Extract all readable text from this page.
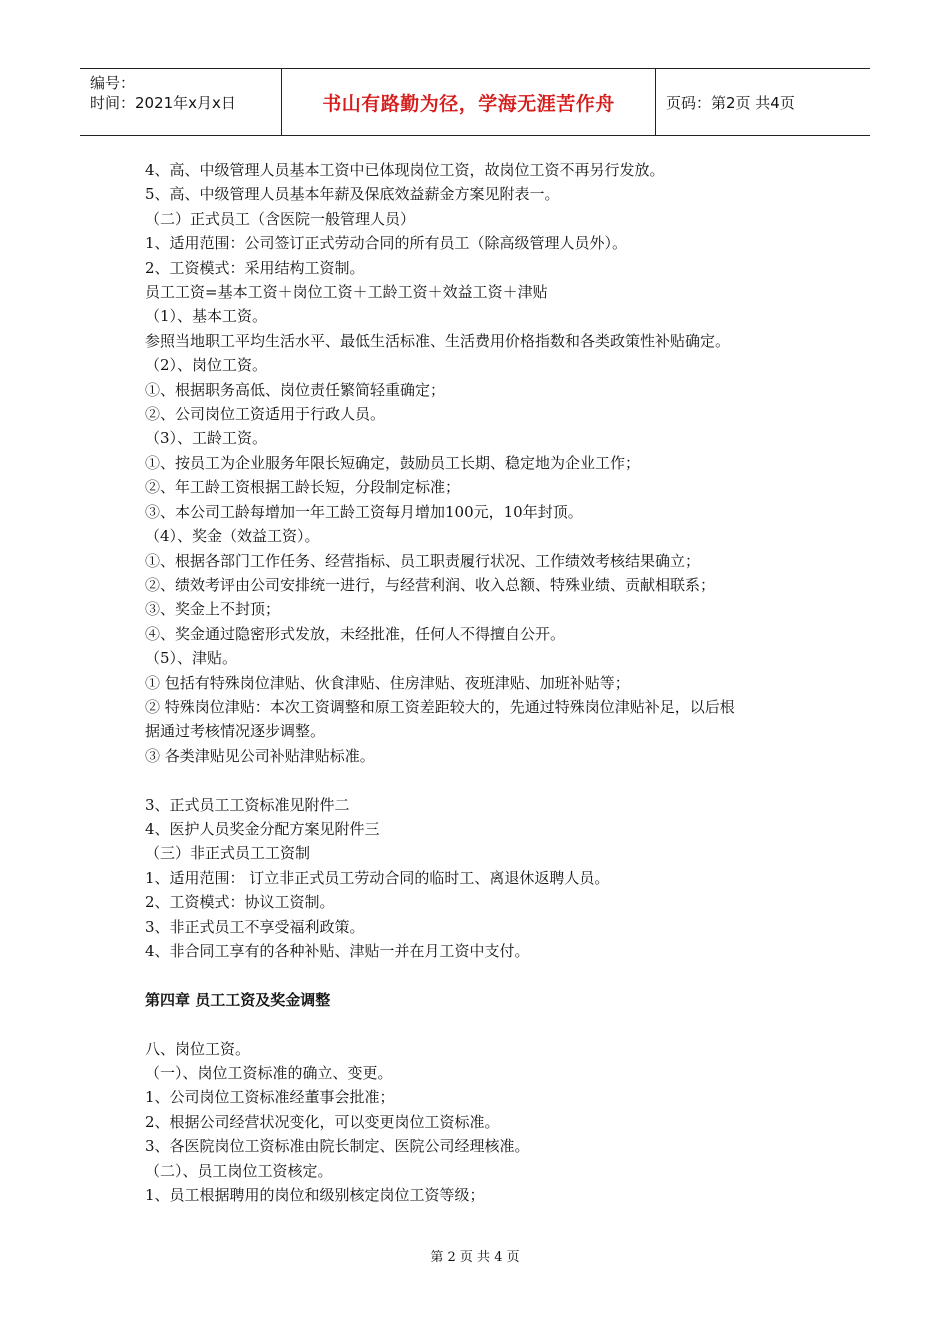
编号：
时间：2021年x月x日	书山有路勤为径，学海无涯苦作舟	页码：第2页 共4页
4、高、中级管理人员基本工资中已体现岗位工资，故岗位工资不再另行发放。
5、高、中级管理人员基本年薪及保底效益薪金方案见附表一。
（二）正式员工（含医院一般管理人员）
1、适用范围：公司签订正式劳动合同的所有员工（除高级管理人员外）。
2、工资模式：采用结构工资制。
员工工资=基本工资＋岗位工资＋工龄工资＋效益工资＋津贴
（1）、基本工资。
参照当地职工平均生活水平、最低生活标准、生活费用价格指数和各类政策性补贴确定。
（2）、岗位工资。
①、根据职务高低、岗位责任繁简轻重确定；
②、公司岗位工资适用于行政人员。
（3）、工龄工资。
①、按员工为企业服务年限长短确定，鼓励员工长期、稳定地为企业工作；
②、年工龄工资根据工龄长短，分段制定标准；
③、本公司工龄每增加一年工龄工资每月增加100元，10年封顶。
（4）、奖金（效益工资）。
①、根据各部门工作任务、经营指标、员工职责履行状况、工作绩效考核结果确立；
②、绩效考评由公司安排统一进行，与经营利润、收入总额、特殊业绩、贡献相联系；
③、奖金上不封顶；
④、奖金通过隐密形式发放，未经批准，任何人不得擅自公开。
（5）、津贴。
① 包括有特殊岗位津贴、伙食津贴、住房津贴、夜班津贴、加班补贴等；
② 特殊岗位津贴：本次工资调整和原工资差距较大的，先通过特殊岗位津贴补足，以后根
据通过考核情况逐步调整。
③ 各类津贴见公司补贴津贴标准。
3、正式员工工资标准见附件二
4、医护人员奖金分配方案见附件三
（三）非正式员工工资制
1、适用范围： 订立非正式员工劳动合同的临时工、离退休返聘人员。
2、工资模式：协议工资制。
3、非正式员工不享受福利政策。
4、非合同工享有的各种补贴、津贴一并在月工资中支付。
第四章 员工工资及奖金调整
八、岗位工资。
（一）、岗位工资标准的确立、变更。
1、公司岗位工资标准经董事会批准；
2、根据公司经营状况变化，可以变更岗位工资标准。
3、各医院岗位工资标准由院长制定、医院公司经理核准。
（二）、员工岗位工资核定。
1、员工根据聘用的岗位和级别核定岗位工资等级；
第 2 页 共 4 页
